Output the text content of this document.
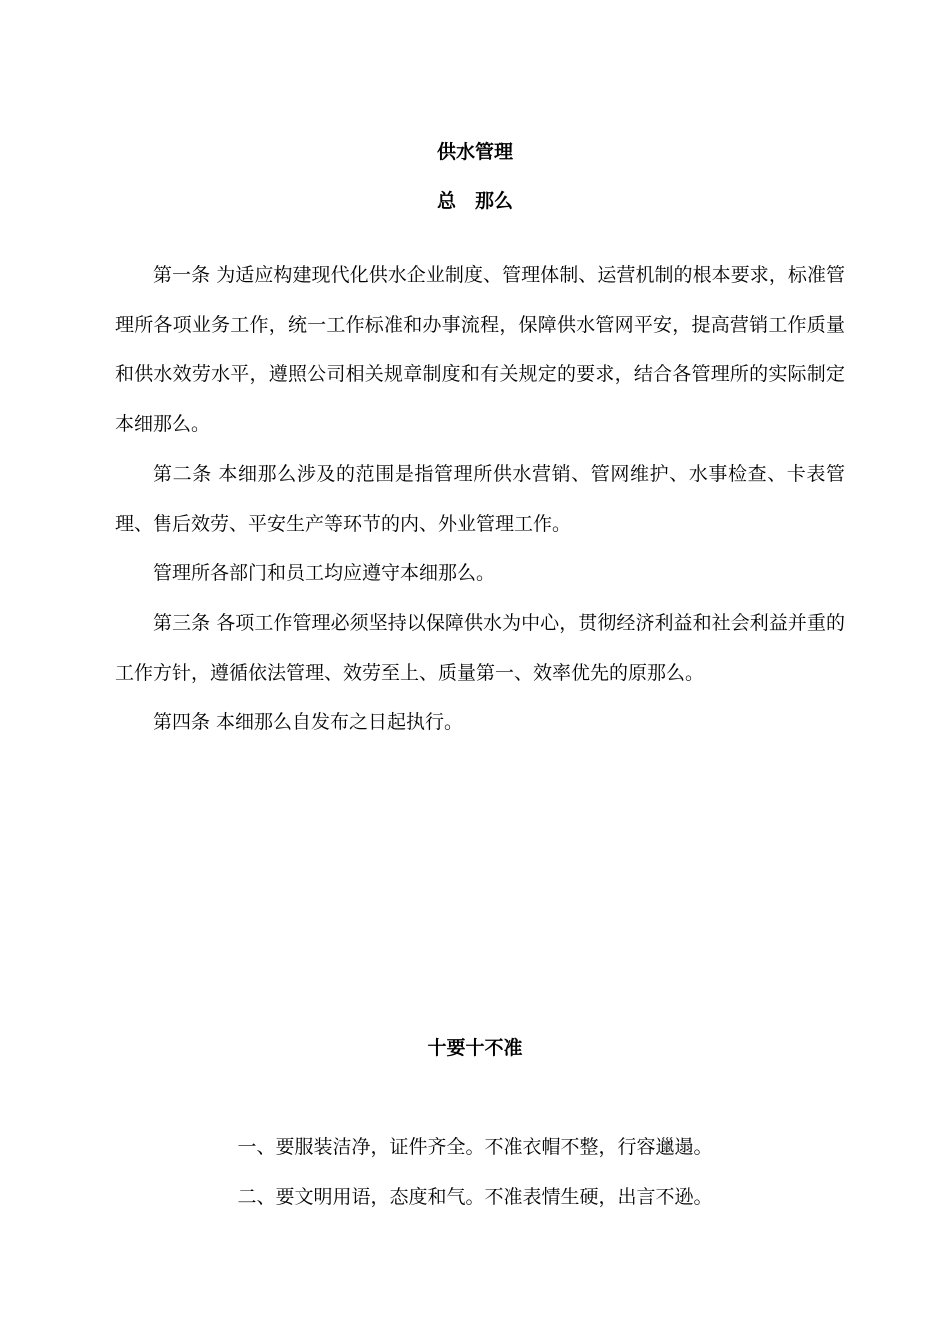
供水管理
总　那么

第一条 为适应构建现代化供水企业制度、管理体制、运营机制的根本要求，标准管理所各项业务工作，统一工作标准和办事流程，保障供水管网平安，提高营销工作质量和供水效劳水平，遵照公司相关规章制度和有关规定的要求，结合各管理所的实际制定本细那么。

第二条 本细那么涉及的范围是指管理所供水营销、管网维护、水事检查、卡表管理、售后效劳、平安生产等环节的内、外业管理工作。

管理所各部门和员工均应遵守本细那么。

第三条 各项工作管理必须坚持以保障供水为中心，贯彻经济利益和社会利益并重的工作方针，遵循依法管理、效劳至上、质量第一、效率优先的原那么。

第四条 本细那么自发布之日起执行。

十要十不准
一、要服装洁净，证件齐全。不准衣帽不整，行容邋遢。
二、要文明用语，态度和气。不准表情生硬，出言不逊。
